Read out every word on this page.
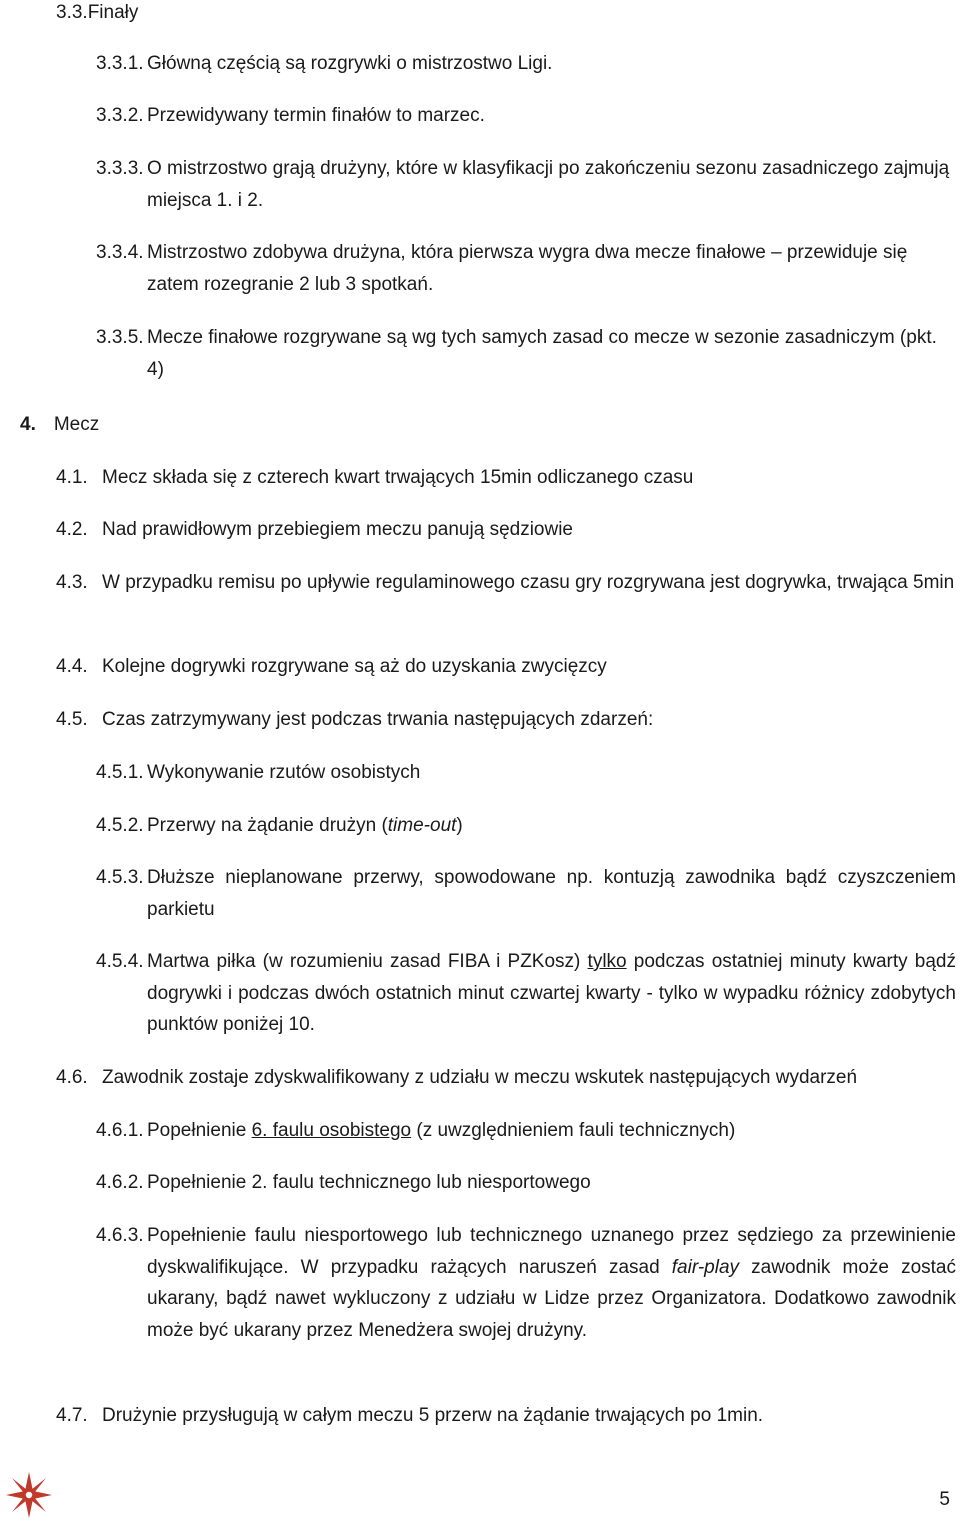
3.3.Finały
3.3.1. Główną częścią są rozgrywki o mistrzostwo Ligi.
3.3.2. Przewidywany termin finałów to marzec.
3.3.3. O mistrzostwo grają drużyny, które w klasyfikacji po zakończeniu sezonu zasadniczego zajmują miejsca 1. i 2.
3.3.4. Mistrzostwo zdobywa drużyna, która pierwsza wygra dwa mecze finałowe – przewiduje się zatem rozegranie 2 lub 3 spotkań.
3.3.5. Mecze finałowe rozgrywane są wg tych samych zasad co mecze w sezonie zasadniczym (pkt. 4)
4. Mecz
4.1. Mecz składa się z czterech kwart trwających 15min odliczanego czasu
4.2. Nad prawidłowym przebiegiem meczu panują sędziowie
4.3. W przypadku remisu po upływie regulaminowego czasu gry rozgrywana jest dogrywka, trwająca 5min
4.4. Kolejne dogrywki rozgrywane są aż do uzyskania zwycięzcy
4.5. Czas zatrzymywany jest podczas trwania następujących zdarzeń:
4.5.1. Wykonywanie rzutów osobistych
4.5.2. Przerwy na żądanie drużyn (time-out)
4.5.3. Dłuższe nieplanowane przerwy, spowodowane np. kontuzją zawodnika bądź czyszczeniem parkietu
4.5.4. Martwa piłka (w rozumieniu zasad FIBA i PZKosz) tylko podczas ostatniej minuty kwarty bądź dogrywki i podczas dwóch ostatnich minut czwartej kwarty - tylko w wypadku różnicy zdobytych punktów poniżej 10.
4.6. Zawodnik zostaje zdyskwalifikowany z udziału w meczu wskutek następujących wydarzeń
4.6.1. Popełnienie 6. faulu osobistego (z uwzględnieniem fauli technicznych)
4.6.2. Popełnienie 2. faulu technicznego lub niesportowego
4.6.3. Popełnienie faulu niesportowego lub technicznego uznanego przez sędziego za przewinienie dyskwalifikujące. W przypadku rażących naruszeń zasad fair-play zawodnik może zostać ukarany, bądź nawet wykluczony z udziału w Lidze przez Organizatora. Dodatkowo zawodnik może być ukarany przez Menedżera swojej drużyny.
4.7. Drużynie przysługują w całym meczu 5 przerw na żądanie trwających po 1min.
5
